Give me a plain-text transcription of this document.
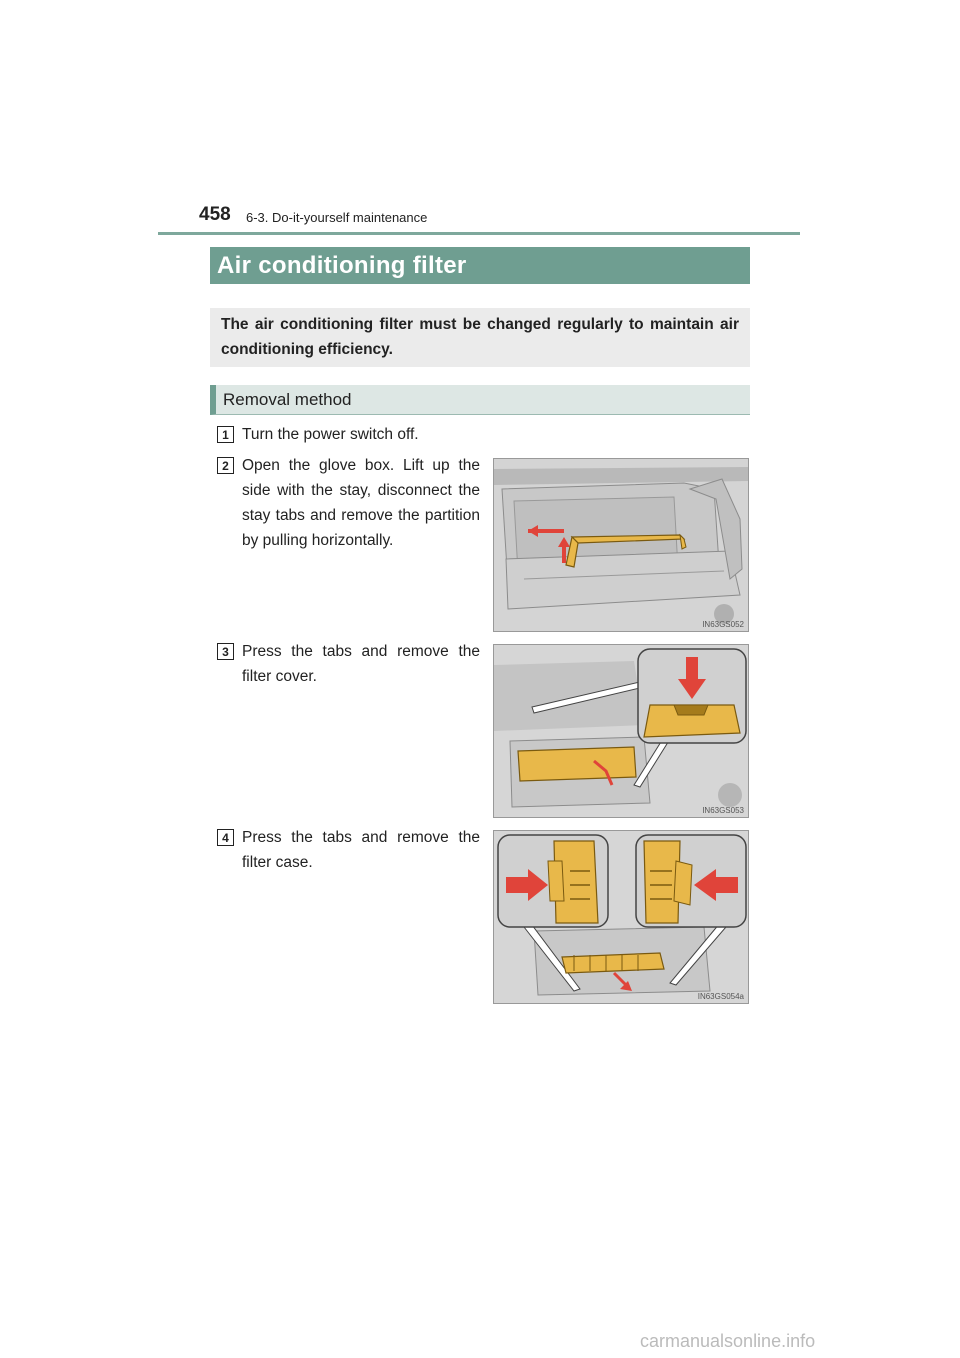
458 6-3. Do-it-yourself maintenance
Air conditioning filter

The air conditioning filter must be changed regularly to maintain air conditioning efficiency.

Removal method
1 Turn the power switch off.
2 Open the glove box. Lift up the side with the stay, disconnect the stay tabs and remove the partition by pulling horizontally.
IN63GS052
3 Press the tabs and remove the filter cover.
IN63GS053
4 Press the tabs and remove the filter case.
IN63GS054a
carmanualsonline.info
